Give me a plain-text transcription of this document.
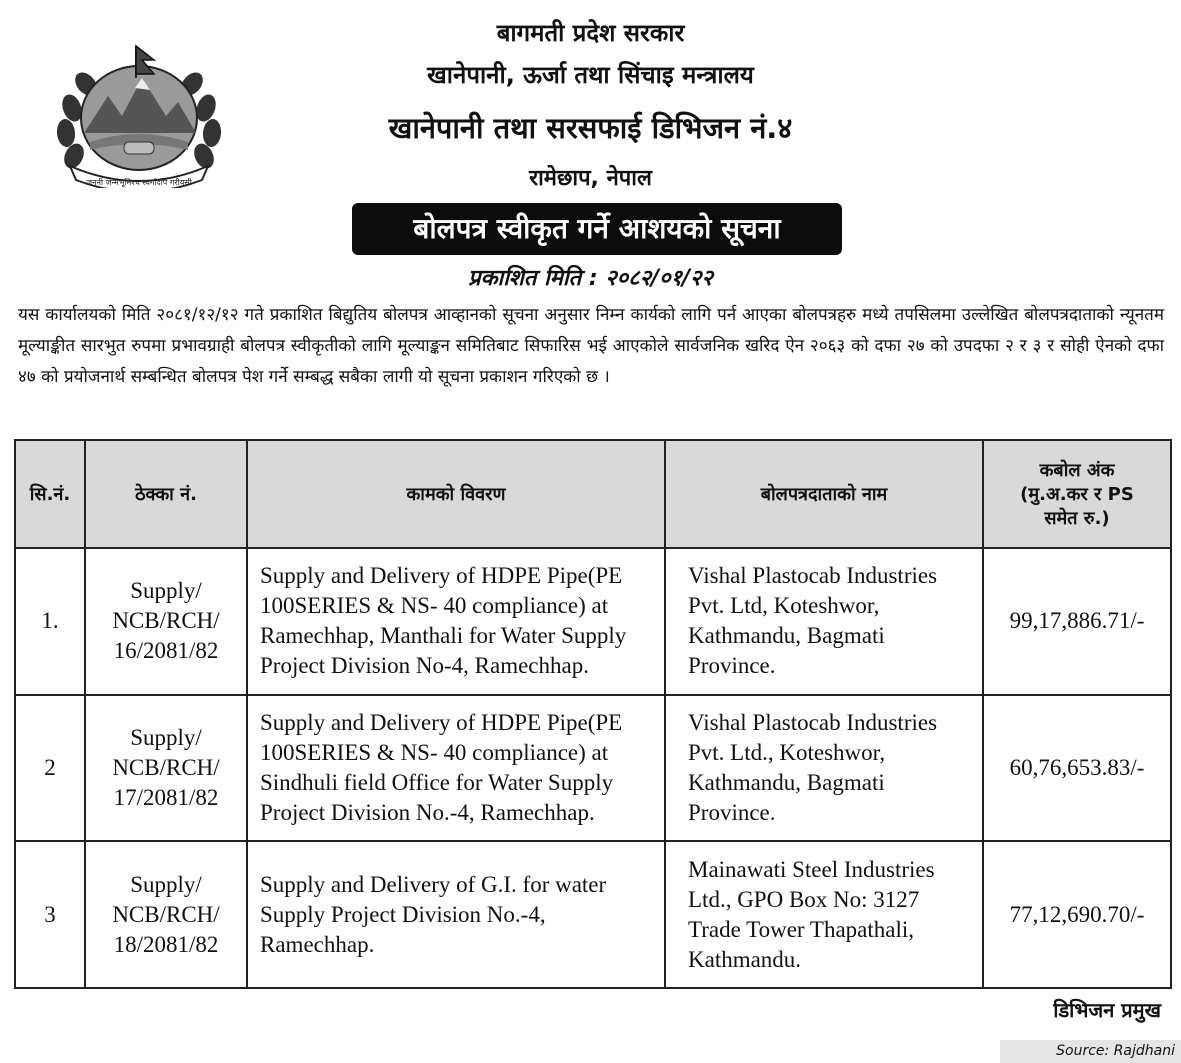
जननी जन्मभूमिश्च स्वर्गादपि गरीयसी
बागमती प्रदेश सरकार
खानेपानी, ऊर्जा तथा सिंचाइ मन्त्रालय
खानेपानी तथा सरसफाई डिभिजन नं.४
रामेछाप, नेपाल
बोलपत्र स्वीकृत गर्ने आशयको सूचना
प्रकाशित मिति : २०८२/०१/२२
यस कार्यालयको मिति २०८१/१२/१२ गते प्रकाशित बिद्युतिय बोलपत्र आव्हानको सूचना अनुसार निम्न कार्यको लागि पर्न आएका बोलपत्रहरु मध्ये तपसिलमा उल्लेखित बोलपत्रदाताको न्यूनतम मूल्याङ्कीत सारभुत रुपमा प्रभावग्राही बोलपत्र स्वीकृतीको लागि मूल्याङ्कन समितिबाट सिफारिस भई आएकोले सार्वजनिक खरिद ऐन २०६३ को दफा २७ को उपदफा २ र ३ र सोही ऐनको दफा ४७ को प्रयोजनार्थ सम्बन्धित बोलपत्र पेश गर्ने सम्बद्ध सबैका लागी यो सूचना प्रकाशन गरिएको छ ।
सि.नं.	ठेक्का नं.	कामको विवरण	बोलपत्रदाताको नाम	कबोल अंक
(मु.अ.कर र PS
समेत रु.)

1.	Supply/
NCB/RCH/
16/2081/82	Supply and Delivery of HDPE Pipe(PE 100SERIES & NS- 40 compliance) at Ramechhap, Manthali for Water Supply Project Division No-4, Ramechhap.	Vishal Plastocab Industries Pvt. Ltd, Koteshwor, Kathmandu, Bagmati Province.	99,17,886.71/-
2	Supply/
NCB/RCH/
17/2081/82	Supply and Delivery of HDPE Pipe(PE 100SERIES & NS- 40 compliance) at Sindhuli field Office for Water Supply Project Division No.-4, Ramechhap.	Vishal Plastocab Industries Pvt. Ltd., Koteshwor, Kathmandu, Bagmati Province.	60,76,653.83/-
3	Supply/
NCB/RCH/
18/2081/82	Supply and Delivery of G.I. for water Supply Project Division No.-4, Ramechhap.	Mainawati Steel Industries Ltd., GPO Box No: 3127 Trade Tower Thapathali, Kathmandu.	77,12,690.70/-
डिभिजन प्रमुख
Source: Rajdhani
